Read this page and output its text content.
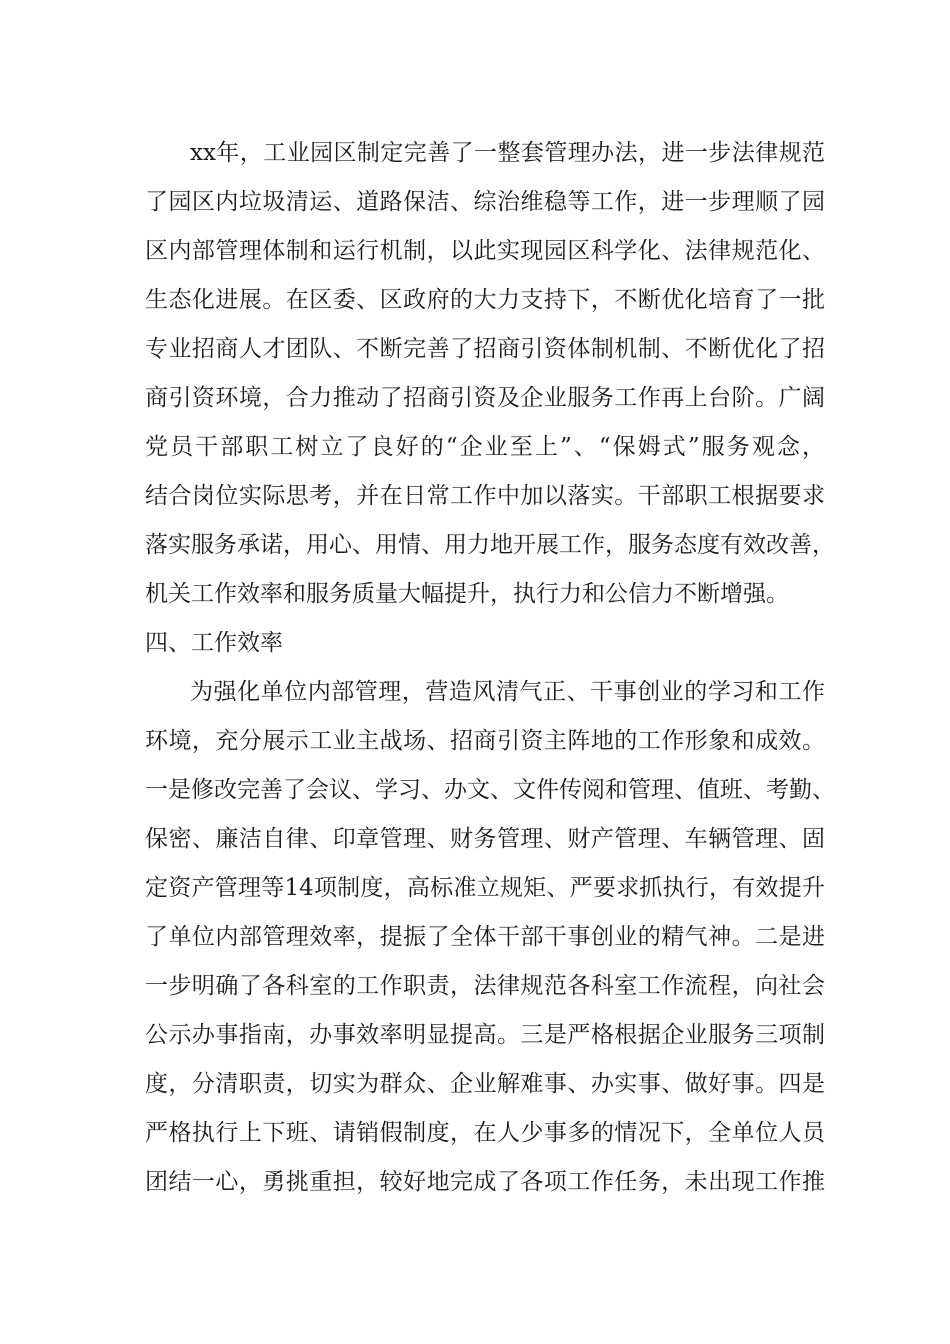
xx年，工业园区制定完善了一整套管理办法，进一步法律规范
了园区内垃圾清运、道路保洁、综治维稳等工作，进一步理顺了园
区内部管理体制和运行机制，以此实现园区科学化、法律规范化、
生态化进展。在区委、区政府的大力支持下，不断优化培育了一批
专业招商人才团队、不断完善了招商引资体制机制、不断优化了招
商引资环境，合力推动了招商引资及企业服务工作再上台阶。广阔
党员干部职工树立了良好的“企业至上”、“保姆式”服务观念，
结合岗位实际思考，并在日常工作中加以落实。干部职工根据要求
落实服务承诺，用心、用情、用力地开展工作，服务态度有效改善，
机关工作效率和服务质量大幅提升，执行力和公信力不断增强。
四、工作效率
为强化单位内部管理，营造风清气正、干事创业的学习和工作
环境，充分展示工业主战场、招商引资主阵地的工作形象和成效。
一是修改完善了会议、学习、办文、文件传阅和管理、值班、考勤、
保密、廉洁自律、印章管理、财务管理、财产管理、车辆管理、固
定资产管理等14项制度，高标准立规矩、严要求抓执行，有效提升
了单位内部管理效率，提振了全体干部干事创业的精气神。二是进
一步明确了各科室的工作职责，法律规范各科室工作流程，向社会
公示办事指南，办事效率明显提高。三是严格根据企业服务三项制
度，分清职责，切实为群众、企业解难事、办实事、做好事。四是
严格执行上下班、请销假制度，在人少事多的情况下，全单位人员
团结一心，勇挑重担，较好地完成了各项工作任务，未出现工作推
